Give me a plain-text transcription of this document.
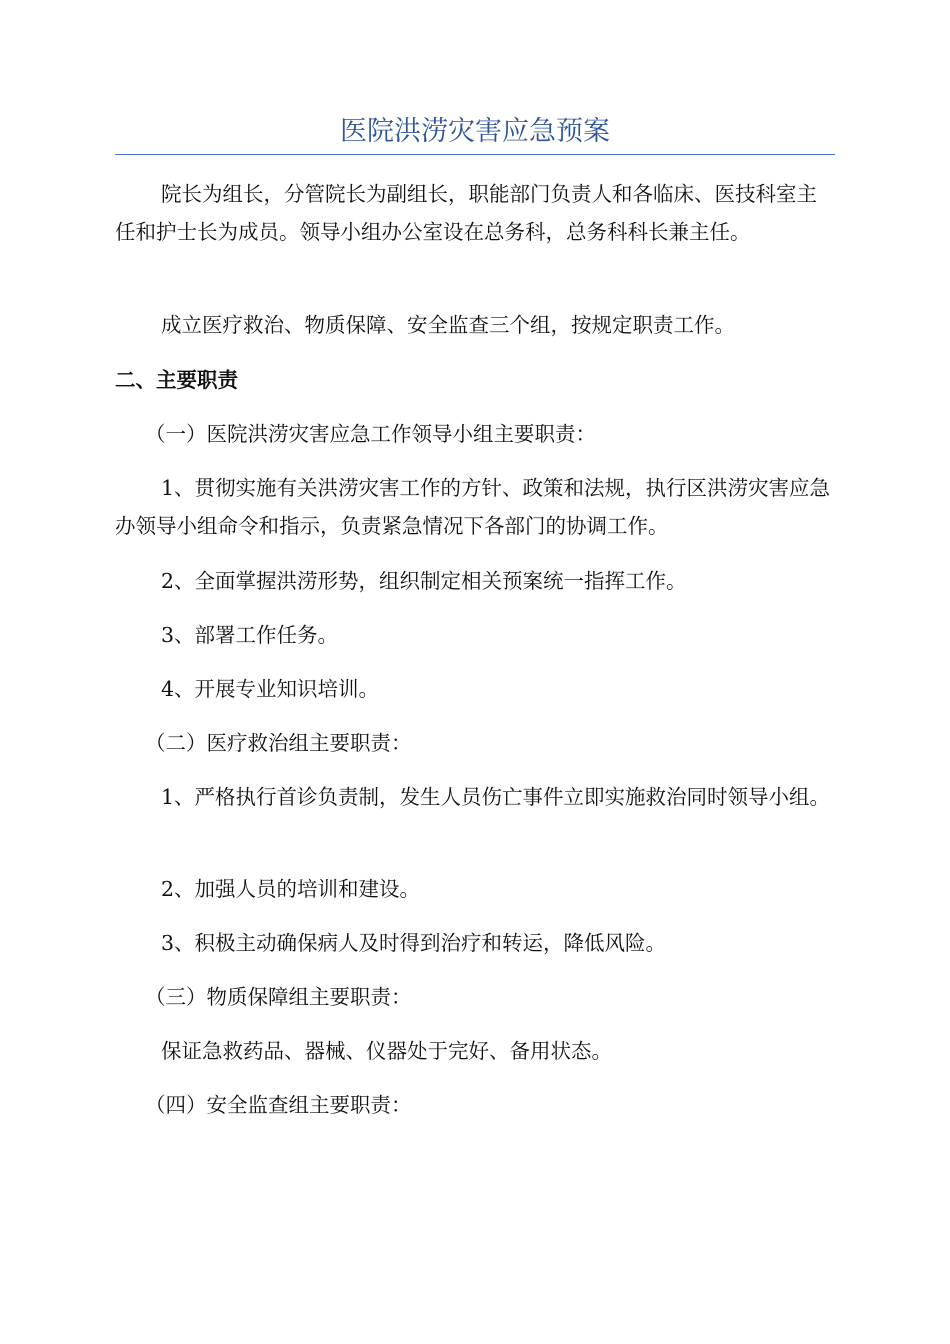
医院洪涝灾害应急预案

院长为组长，分管院长为副组长，职能部门负责人和各临床、医技科室主任和护士长为成员。领导小组办公室设在总务科，总务科科长兼主任。

成立医疗救治、物质保障、安全监查三个组，按规定职责工作。

二、主要职责

（一）医院洪涝灾害应急工作领导小组主要职责：

1、贯彻实施有关洪涝灾害工作的方针、政策和法规，执行区洪涝灾害应急办领导小组命令和指示，负责紧急情况下各部门的协调工作。

2、全面掌握洪涝形势，组织制定相关预案统一指挥工作。

3、部署工作任务。

4、开展专业知识培训。

（二）医疗救治组主要职责：

1、严格执行首诊负责制，发生人员伤亡事件立即实施救治同时领导小组。

2、加强人员的培训和建设。

3、积极主动确保病人及时得到治疗和转运，降低风险。

（三）物质保障组主要职责：

保证急救药品、器械、仪器处于完好、备用状态。

（四）安全监查组主要职责：
